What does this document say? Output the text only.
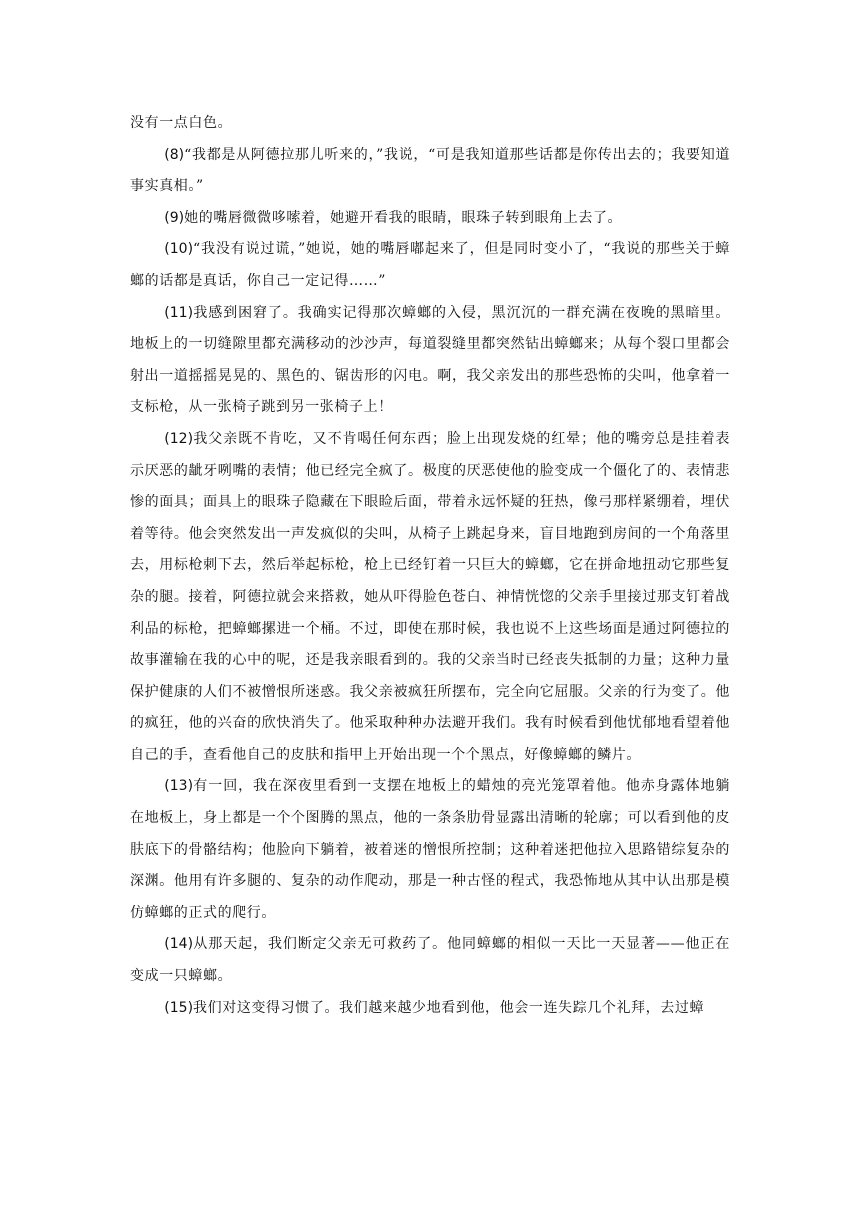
没有一点白色。

(8)“我都是从阿德拉那儿听来的，”我说，“可是我知道那些话都是你传出去的；我要知道事实真相。”

(9)她的嘴唇微微哆嗦着，她避开看我的眼睛，眼珠子转到眼角上去了。

(10)“我没有说过谎，”她说，她的嘴唇嘟起来了，但是同时变小了，“我说的那些关于蟑螂的话都是真话，你自己一定记得……”

(11)我感到困窘了。我确实记得那次蟑螂的入侵，黑沉沉的一群充满在夜晚的黑暗里。地板上的一切缝隙里都充满移动的沙沙声，每道裂缝里都突然钻出蟑螂来；从每个裂口里都会射出一道摇摇晃晃的、黑色的、锯齿形的闪电。啊，我父亲发出的那些恐怖的尖叫，他拿着一支标枪，从一张椅子跳到另一张椅子上！

(12)我父亲既不肯吃，又不肯喝任何东西；脸上出现发烧的红晕；他的嘴旁总是挂着表示厌恶的龇牙咧嘴的表情；他已经完全疯了。极度的厌恶使他的脸变成一个僵化了的、表情悲惨的面具；面具上的眼珠子隐藏在下眼睑后面，带着永远怀疑的狂热，像弓那样紧绷着，埋伏着等待。他会突然发出一声发疯似的尖叫，从椅子上跳起身来，盲目地跑到房间的一个角落里去，用标枪刺下去，然后举起标枪，枪上已经钉着一只巨大的蟑螂，它在拼命地扭动它那些复杂的腿。接着，阿德拉就会来搭救，她从吓得脸色苍白、神情恍惚的父亲手里接过那支钉着战利品的标枪，把蟑螂摞进一个桶。不过，即使在那时候，我也说不上这些场面是通过阿德拉的故事灌输在我的心中的呢，还是我亲眼看到的。我的父亲当时已经丧失抵制的力量；这种力量保护健康的人们不被憎恨所迷惑。我父亲被疯狂所摆布，完全向它屈服。父亲的行为变了。他的疯狂，他的兴奋的欣快消失了。他采取种种办法避开我们。我有时候看到他忧郁地看望着他自己的手，查看他自己的皮肤和指甲上开始出现一个个黑点，好像蟑螂的鳞片。

(13)有一回，我在深夜里看到一支摆在地板上的蜡烛的亮光笼罩着他。他赤身露体地躺在地板上，身上都是一个个图腾的黑点，他的一条条肋骨显露出清晰的轮廓；可以看到他的皮肤底下的骨骼结构；他脸向下躺着，被着迷的憎恨所控制；这种着迷把他拉入思路错综复杂的深渊。他用有许多腿的、复杂的动作爬动，那是一种古怪的程式，我恐怖地从其中认出那是模仿蟑螂的正式的爬行。

(14)从那天起，我们断定父亲无可救药了。他同蟑螂的相似一天比一天显著——他正在变成一只蟑螂。

(15)我们对这变得习惯了。我们越来越少地看到他，他会一连失踪几个礼拜，去过蟑
